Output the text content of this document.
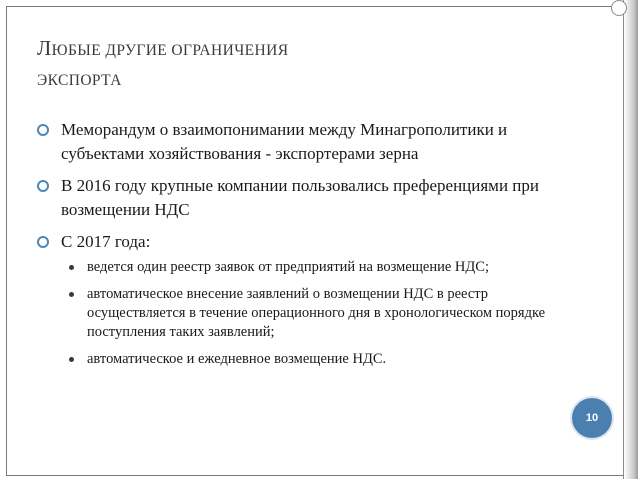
ЛЮБЫЕ ДРУГИЕ ОГРАНИЧЕНИЯ
ЭКСПОРТА
Меморандум о взаимопонимании между Минагрополитики и субъектами хозяйствования - экспортерами зерна
В 2016 году крупные компании пользовались преференциями при возмещении НДС
С 2017 года:
ведется один реестр заявок от предприятий на возмещение НДС;
автоматическое внесение заявлений о возмещении НДС в реестр осуществляется в течение операционного дня в хронологическом порядке поступления таких заявлений;
автоматическое и ежедневное возмещение НДС.
10
